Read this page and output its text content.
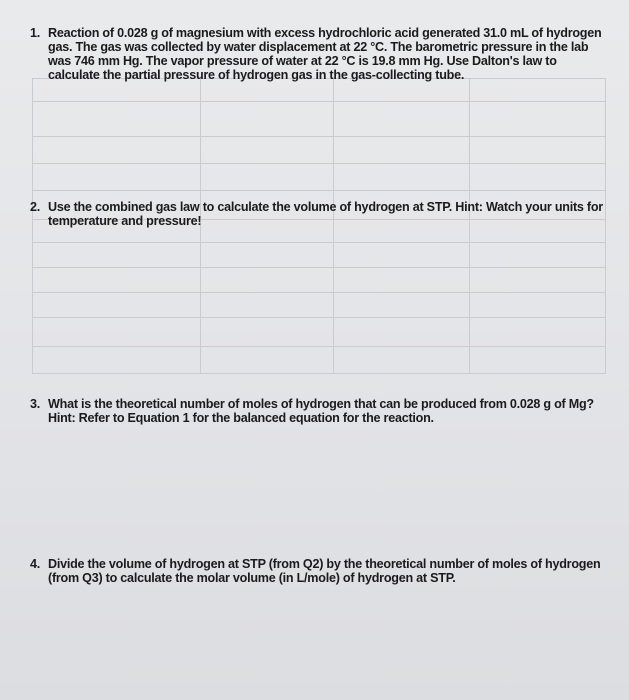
1. Reaction of 0.028 g of magnesium with excess hydrochloric acid generated 31.0 mL of hydrogen gas. The gas was collected by water displacement at 22 °C. The barometric pressure in the lab was 746 mm Hg. The vapor pressure of water at 22 °C is 19.8 mm Hg. Use Dalton's law to calculate the partial pressure of hydrogen gas in the gas-collecting tube.
2. Use the combined gas law to calculate the volume of hydrogen at STP. Hint: Watch your units for temperature and pressure!
3. What is the theoretical number of moles of hydrogen that can be produced from 0.028 g of Mg? Hint: Refer to Equation 1 for the balanced equation for the reaction.
4. Divide the volume of hydrogen at STP (from Q2) by the theoretical number of moles of hydrogen (from Q3) to calculate the molar volume (in L/mole) of hydrogen at STP.
